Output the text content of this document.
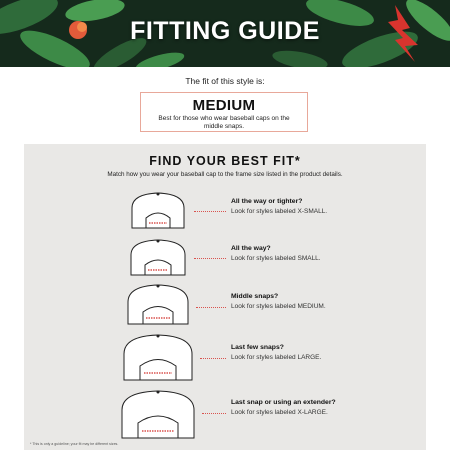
FITTING GUIDE
The fit of this style is:
MEDIUM
Best for those who wear baseball caps on the middle snaps.
FIND YOUR BEST FIT*
Match how you wear your baseball cap to the frame size listed in the product details.
All the way or tighter?
Look for styles labeled X-SMALL.
All the way?
Look for styles labeled SMALL.
Middle snaps?
Look for styles labeled MEDIUM.
Last few snaps?
Look for styles labeled LARGE.
Last snap or using an extender?
Look for styles labeled X-LARGE.
* This is only a guideline; your fit may be different sizes.
